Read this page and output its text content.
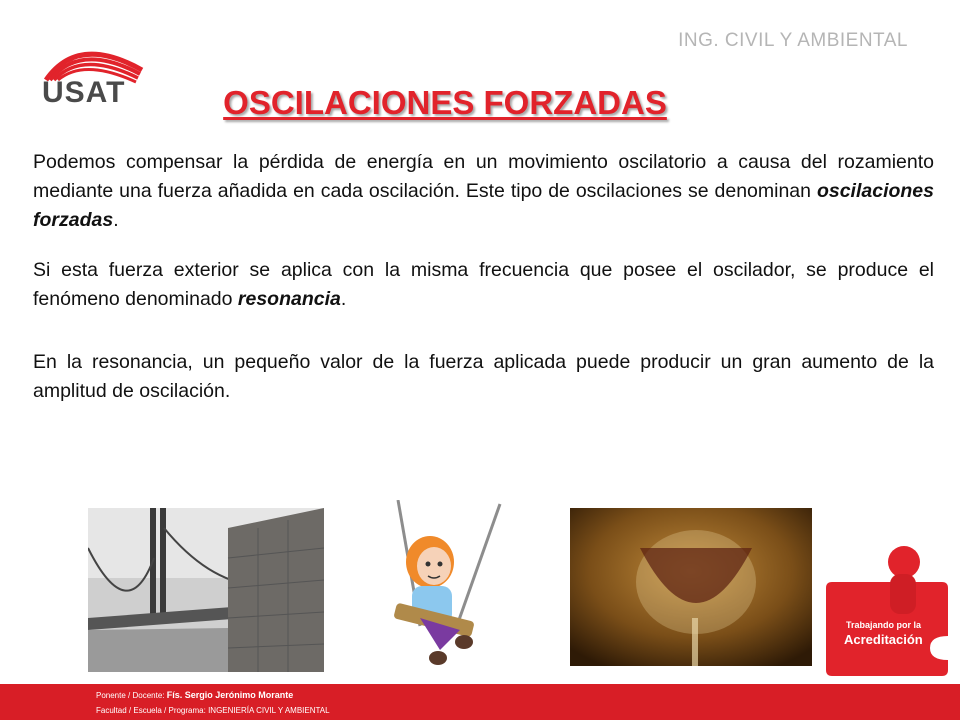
USAT
ING. CIVIL Y AMBIENTAL
OSCILACIONES FORZADAS

Podemos compensar la pérdida de energía en un movimiento oscilatorio a causa del rozamiento mediante una fuerza añadida en cada oscilación. Este tipo de oscilaciones se denominan oscilaciones forzadas.

Si esta fuerza exterior se aplica con la misma frecuencia que posee el oscilador, se produce el fenómeno denominado resonancia.

En la resonancia, un pequeño valor de la fuerza aplicada puede producir un gran aumento de la amplitud de oscilación.

Trabajando por la
Acreditación
Ponente / Docente: Fís. Sergio Jerónimo Morante
Facultad / Escuela / Programa: INGENIERÍA CIVIL Y AMBIENTAL
